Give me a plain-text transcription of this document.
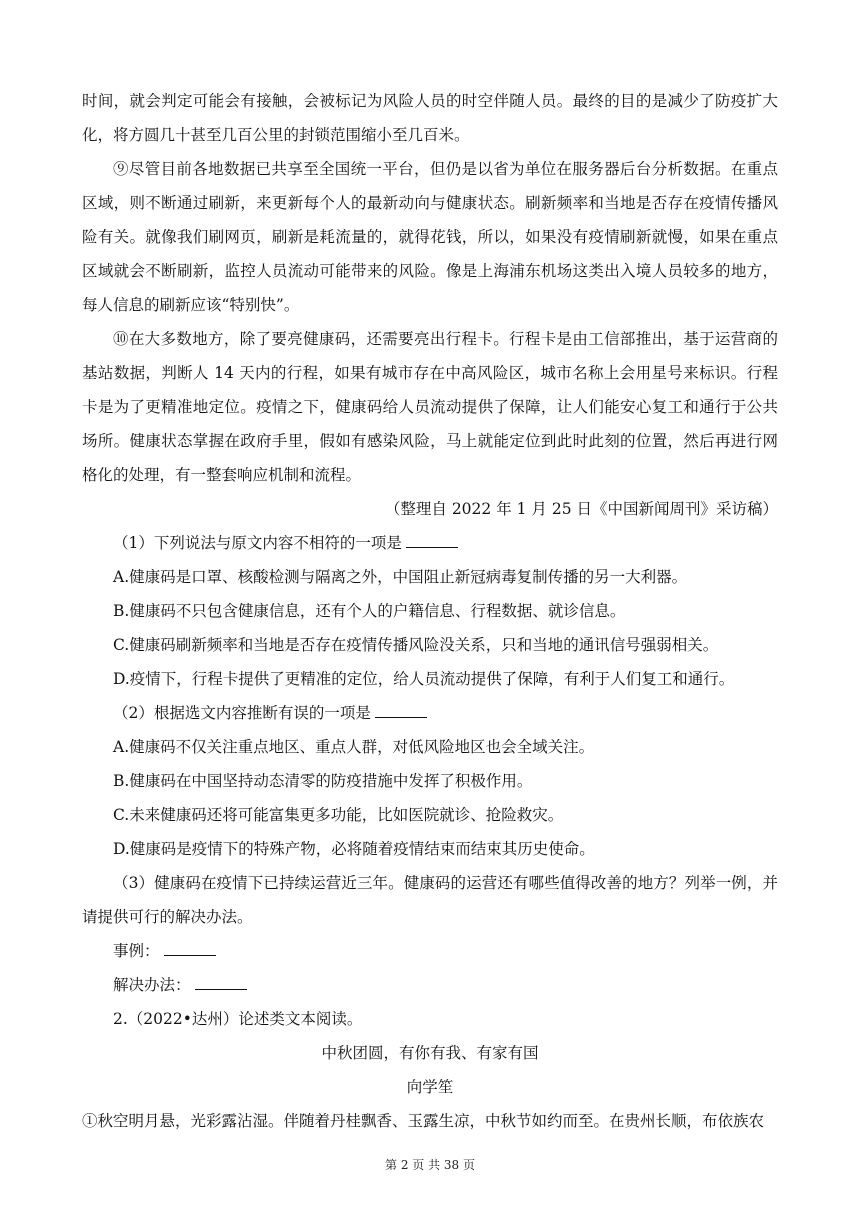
时间，就会判定可能会有接触，会被标记为风险人员的时空伴随人员。最终的目的是减少了防疫扩大化，将方圆几十甚至几百公里的封锁范围缩小至几百米。

⑨尽管目前各地数据已共享至全国统一平台，但仍是以省为单位在服务器后台分析数据。在重点区域，则不断通过刷新，来更新每个人的最新动向与健康状态。刷新频率和当地是否存在疫情传播风险有关。就像我们刷网页，刷新是耗流量的，就得花钱，所以，如果没有疫情刷新就慢，如果在重点区域就会不断刷新，监控人员流动可能带来的风险。像是上海浦东机场这类出入境人员较多的地方，每人信息的刷新应该“特别快”。

⑩在大多数地方，除了要亮健康码，还需要亮出行程卡。行程卡是由工信部推出，基于运营商的基站数据，判断人 14 天内的行程，如果有城市存在中高风险区，城市名称上会用星号来标识。行程卡是为了更精准地定位。疫情之下，健康码给人员流动提供了保障，让人们能安心复工和通行于公共场所。健康状态掌握在政府手里，假如有感染风险，马上就能定位到此时此刻的位置，然后再进行网格化的处理，有一整套响应机制和流程。

（整理自 2022 年 1 月 25 日《中国新闻周刊》采访稿）
（1）下列说法与原文内容不相符的一项是
A.健康码是口罩、核酸检测与隔离之外，中国阻止新冠病毒复制传播的另一大利器。
B.健康码不只包含健康信息，还有个人的户籍信息、行程数据、就诊信息。
C.健康码刷新频率和当地是否存在疫情传播风险没关系，只和当地的通讯信号强弱相关。
D.疫情下，行程卡提供了更精准的定位，给人员流动提供了保障，有利于人们复工和通行。
（2）根据选文内容推断有误的一项是
A.健康码不仅关注重点地区、重点人群，对低风险地区也会全域关注。
B.健康码在中国坚持动态清零的防疫措施中发挥了积极作用。
C.未来健康码还将可能富集更多功能，比如医院就诊、抢险救灾。
D.健康码是疫情下的特殊产物，必将随着疫情结束而结束其历史使命。

（3）健康码在疫情下已持续运营近三年。健康码的运营还有哪些值得改善的地方？列举一例，并请提供可行的解决办法。

事例：
解决办法：
2.（2022•达州）论述类文本阅读。
中秋团圆，有你有我、有家有国
向学笙
①秋空明月悬，光彩露沾湿。伴随着丹桂飘香、玉露生凉，中秋节如约而至。在贵州长顺，布依族农
第 2 页 共 38 页
